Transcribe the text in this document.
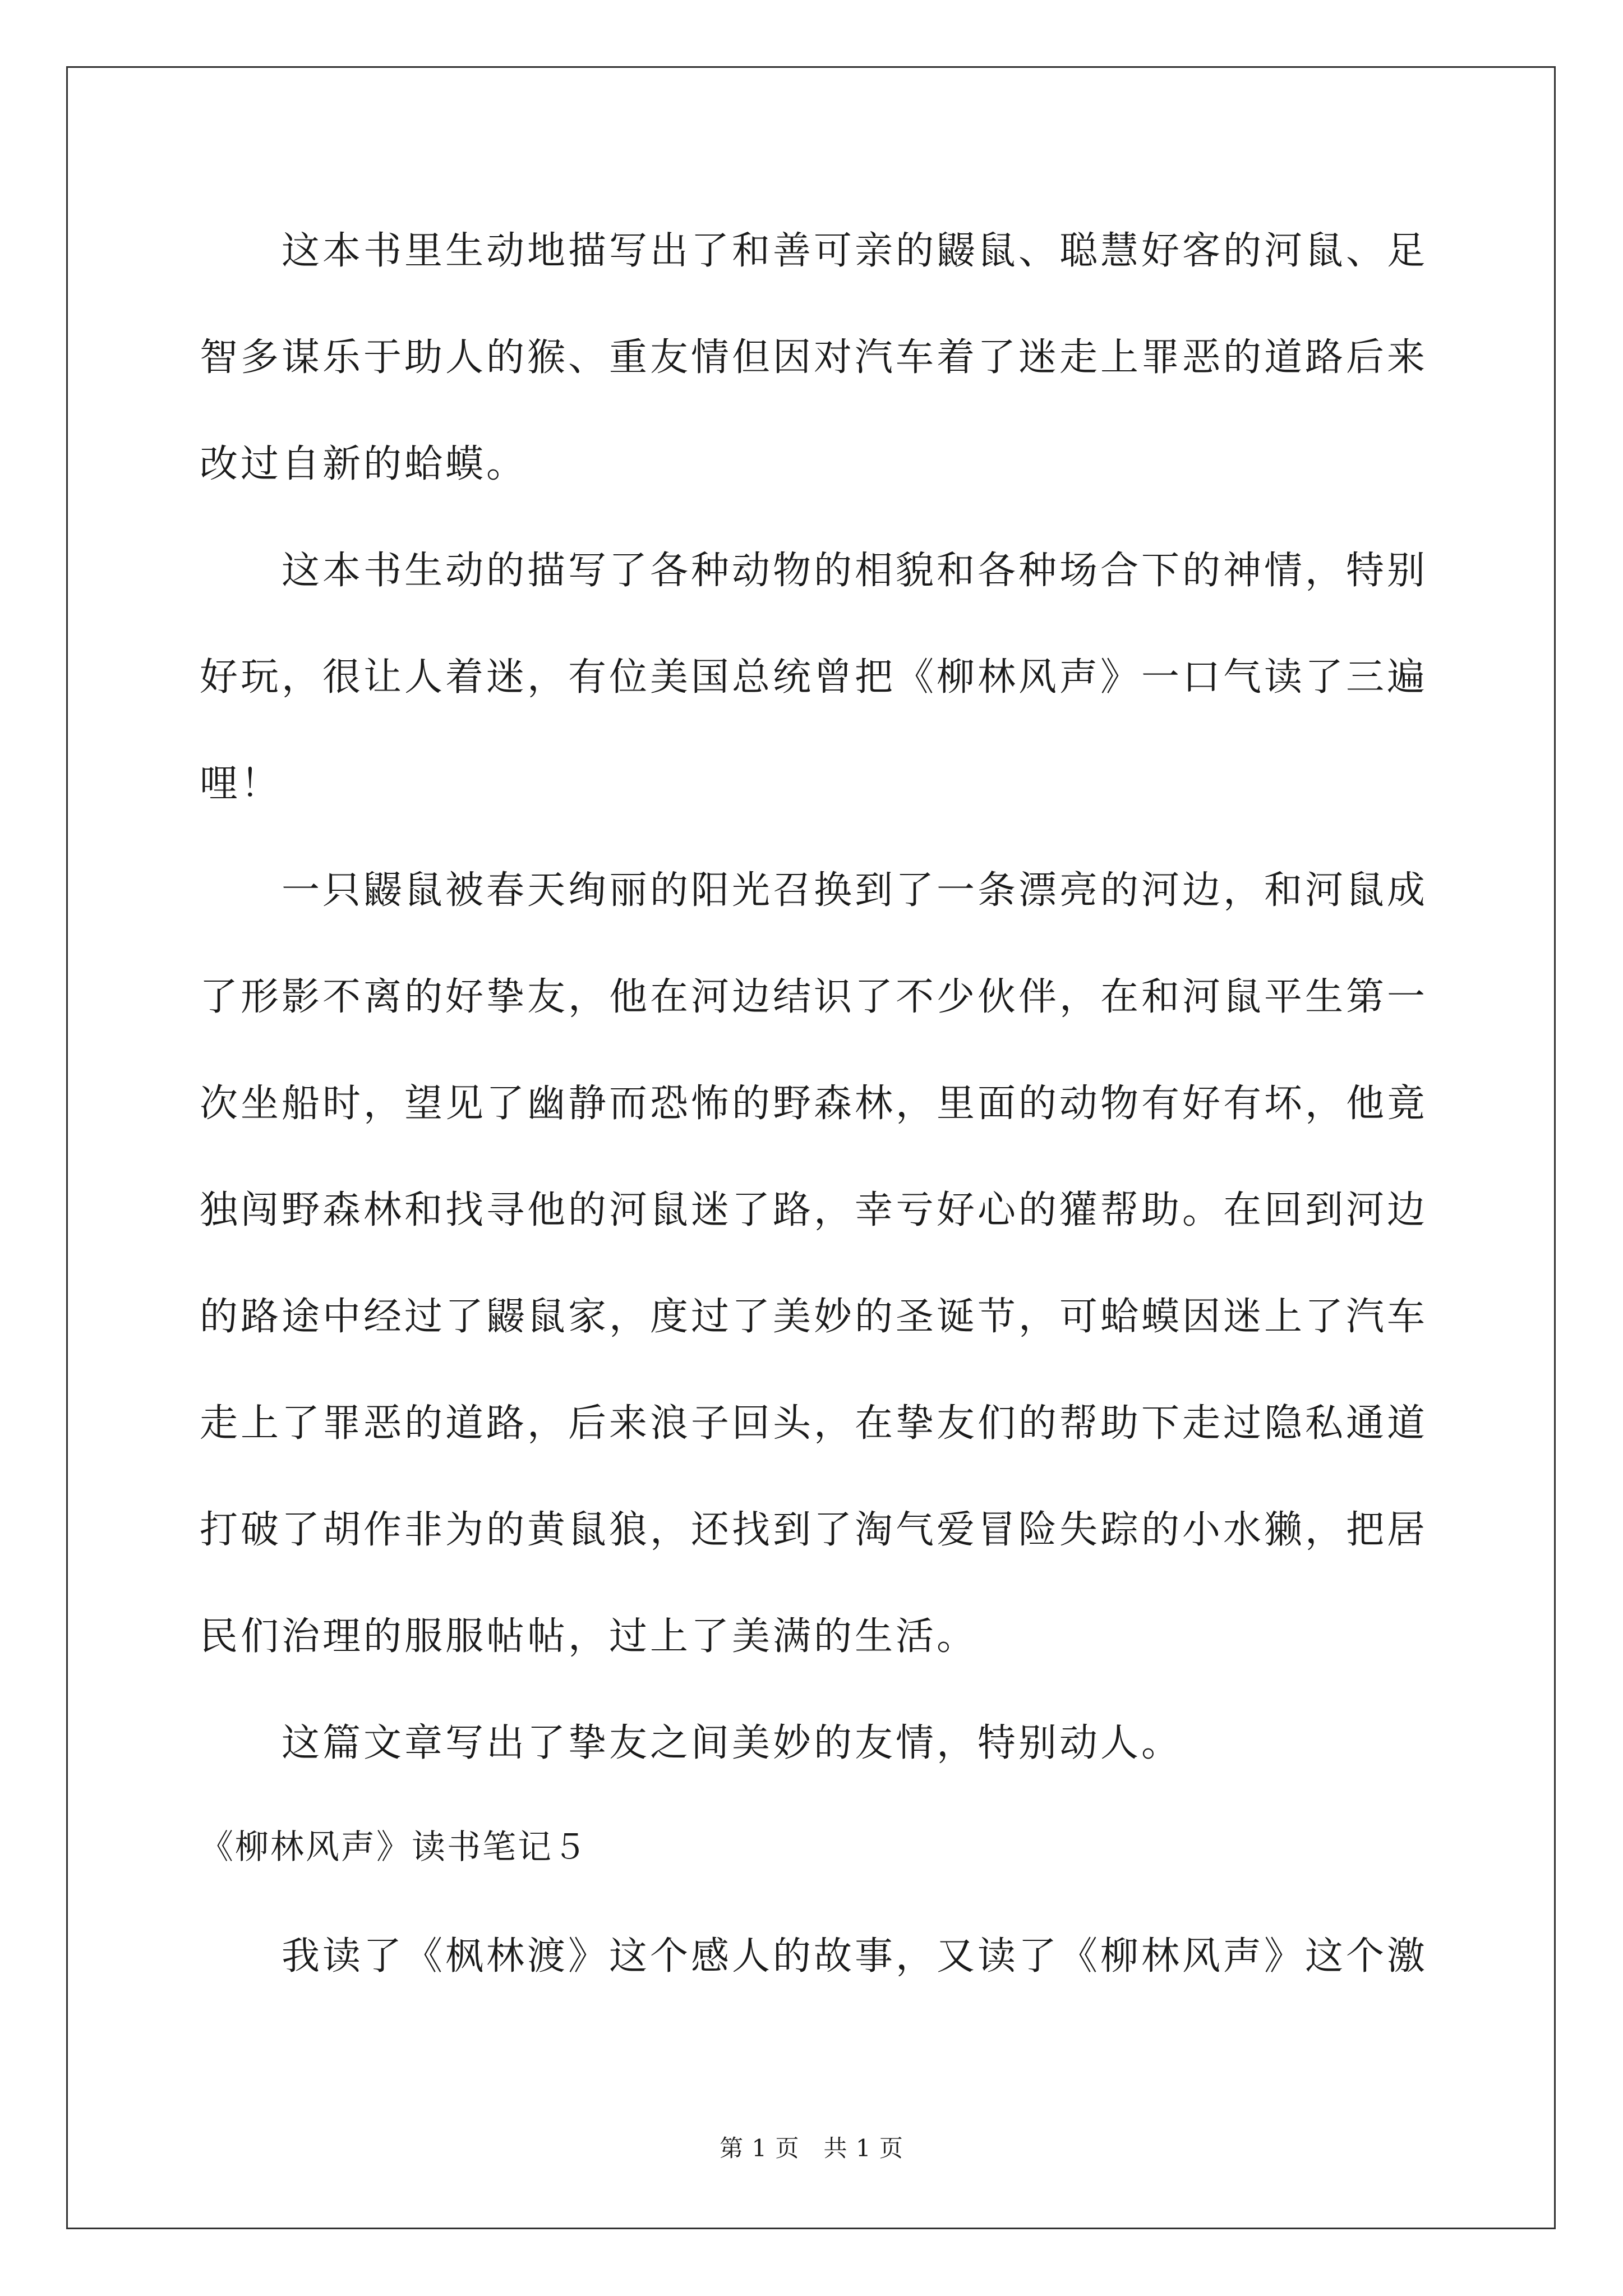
这本书里生动地描写出了和善可亲的鼹鼠、聪慧好客的河鼠、足
智多谋乐于助人的猴、重友情但因对汽车着了迷走上罪恶的道路后来
改过自新的蛤蟆。
这本书生动的描写了各种动物的相貌和各种场合下的神情，特别
好玩，很让人着迷，有位美国总统曾把《柳林风声》一口气读了三遍
哩！
一只鼹鼠被春天绚丽的阳光召换到了一条漂亮的河边，和河鼠成
了形影不离的好挚友，他在河边结识了不少伙伴，在和河鼠平生第一
次坐船时，望见了幽静而恐怖的野森林，里面的动物有好有坏，他竟
独闯野森林和找寻他的河鼠迷了路，幸亏好心的獾帮助。在回到河边
的路途中经过了鼹鼠家，度过了美妙的圣诞节，可蛤蟆因迷上了汽车
走上了罪恶的道路，后来浪子回头，在挚友们的帮助下走过隐私通道
打破了胡作非为的黄鼠狼，还找到了淘气爱冒险失踪的小水獭，把居
民们治理的服服帖帖，过上了美满的生活。
这篇文章写出了挚友之间美妙的友情，特别动人。
《柳林风声》读书笔记５
我读了《枫林渡》这个感人的故事，又读了《柳林风声》这个激
第 1 页　共 1 页
